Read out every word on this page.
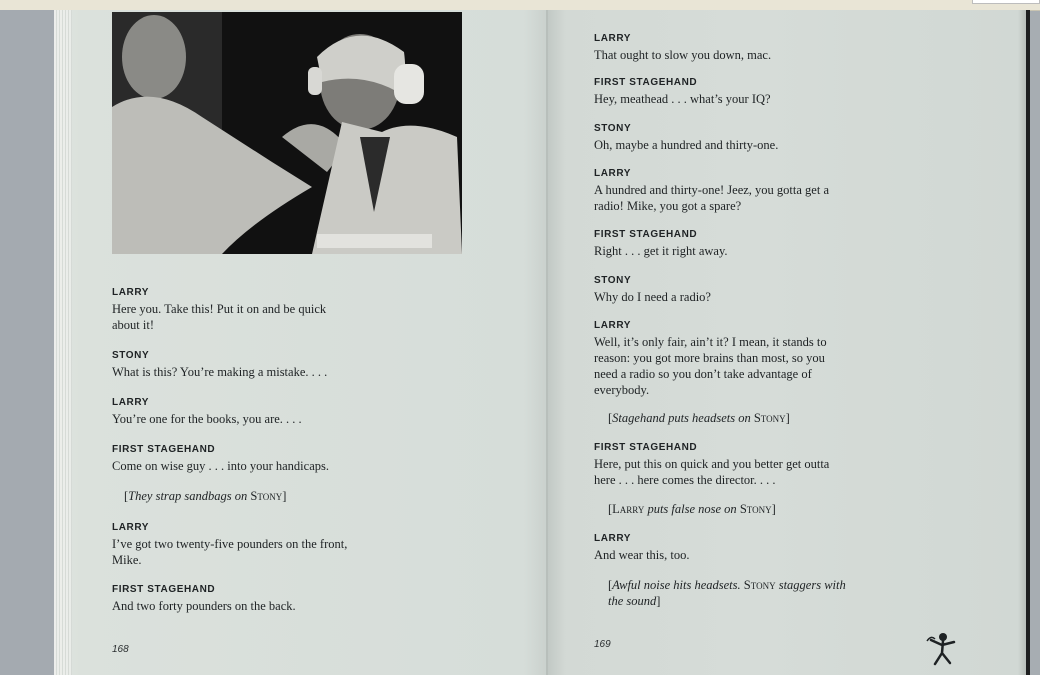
LARRY
Here you. Take this! Put it on and be quick
about it!
STONY
What is this? You’re making a mistake. . . .
LARRY
You’re one for the books, you are. . . .
FIRST STAGEHAND
Come on wise guy . . . into your handicaps.
[They strap sandbags on Stony]
LARRY
I’ve got two twenty-five pounders on the front,
Mike.
FIRST STAGEHAND
And two forty pounders on the back.
168
LARRY
That ought to slow you down, mac.
FIRST STAGEHAND
Hey, meathead . . . what’s your IQ?
STONY
Oh, maybe a hundred and thirty-one.
LARRY
A hundred and thirty-one! Jeez, you gotta get a
radio! Mike, you got a spare?
FIRST STAGEHAND
Right . . . get it right away.
STONY
Why do I need a radio?
LARRY
Well, it’s only fair, ain’t it? I mean, it stands to
reason: you got more brains than most, so you
need a radio so you don’t take advantage of
everybody.
[Stagehand puts headsets on Stony]
FIRST STAGEHAND
Here, put this on quick and you better get outta
here . . . here comes the director. . . .
[Larry puts false nose on Stony]
LARRY
And wear this, too.
[Awful noise hits headsets. Stony staggers with
the sound]
169
